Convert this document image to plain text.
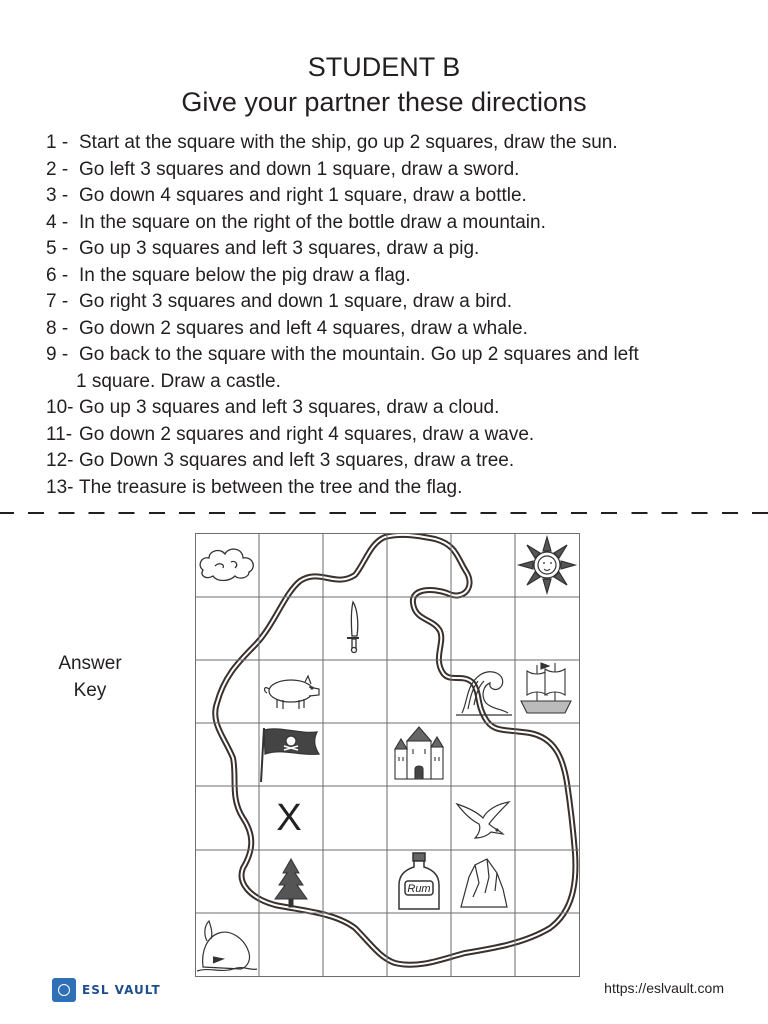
STUDENT B
Give your partner these directions
1 - Start at the square with the ship, go up 2 squares, draw the sun.
2 - Go left 3 squares and down 1 square, draw a sword.
3 - Go down 4 squares and right 1 square, draw a bottle.
4 - In the square on the right of the bottle draw a mountain.
5 - Go up 3 squares and left 3 squares, draw a pig.
6 - In the square below the pig draw a flag.
7 - Go right 3 squares and down 1 square, draw a bird.
8 - Go down 2 squares and left 4 squares, draw a whale.
9 - Go back to the square with the mountain. Go up 2 squares and left
1 square. Draw a castle.
10- Go up 3 squares and left 3 squares, draw a cloud.
11- Go down 2 squares and right 4 squares, draw a wave.
12- Go Down 3 squares and left 3 squares, draw a tree.
13- The treasure is between the tree and the flag.
Answer
Key
X
Rum
ESL VAULT	https://eslvault.com
